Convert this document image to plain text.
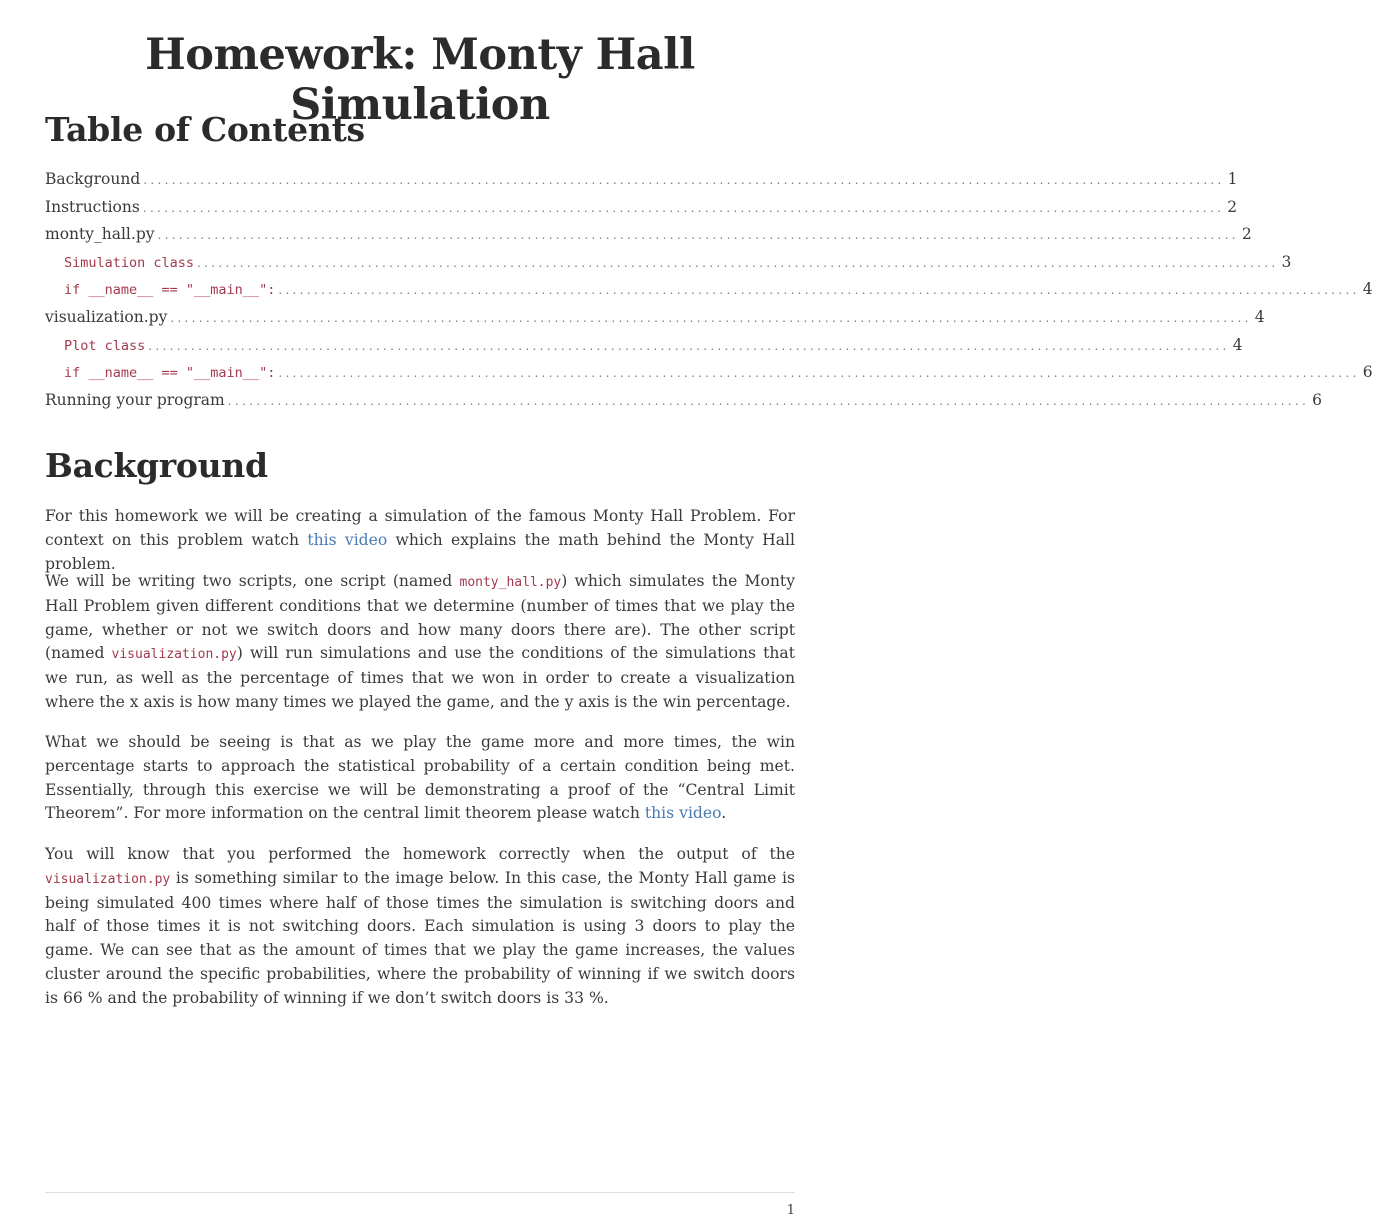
Homework: Monty Hall Simulation
Table of Contents
Background ........................................................................................................................................................ 1
Instructions ........................................................................................................................................................ 2
monty_hall.py ........................................................................................................................................................ 2
Simulation class ........................................................................................................................................................ 3
if __name__ == "__main__": ........................................................................................................................................................ 4
visualization.py ........................................................................................................................................................ 4
Plot class ........................................................................................................................................................ 4
if __name__ == "__main__": ........................................................................................................................................................ 6
Running your program ........................................................................................................................................................ 6
Background

For this homework we will be creating a simulation of the famous Monty Hall Problem. For context on this problem watch this video which explains the math behind the Monty Hall problem.

We will be writing two scripts, one script (named monty_hall.py) which simulates the Monty Hall Problem given different conditions that we determine (number of times that we play the game, whether or not we switch doors and how many doors there are). The other script (named visualization.py) will run simulations and use the conditions of the simulations that we run, as well as the percentage of times that we won in order to create a visualization where the x axis is how many times we played the game, and the y axis is the win percentage.

What we should be seeing is that as we play the game more and more times, the win percentage starts to approach the statistical probability of a certain condition being met. Essentially, through this exercise we will be demonstrating a proof of the “Central Limit Theorem”. For more information on the central limit theorem please watch this video.

You will know that you performed the homework correctly when the output of the visualization.py is something similar to the image below. In this case, the Monty Hall game is being simulated 400 times where half of those times the simulation is switching doors and half of those times it is not switching doors. Each simulation is using 3 doors to play the game. We can see that as the amount of times that we play the game increases, the values cluster around the specific probabilities, where the probability of winning if we switch doors is 66 % and the probability of winning if we don’t switch doors is 33 %.

1
